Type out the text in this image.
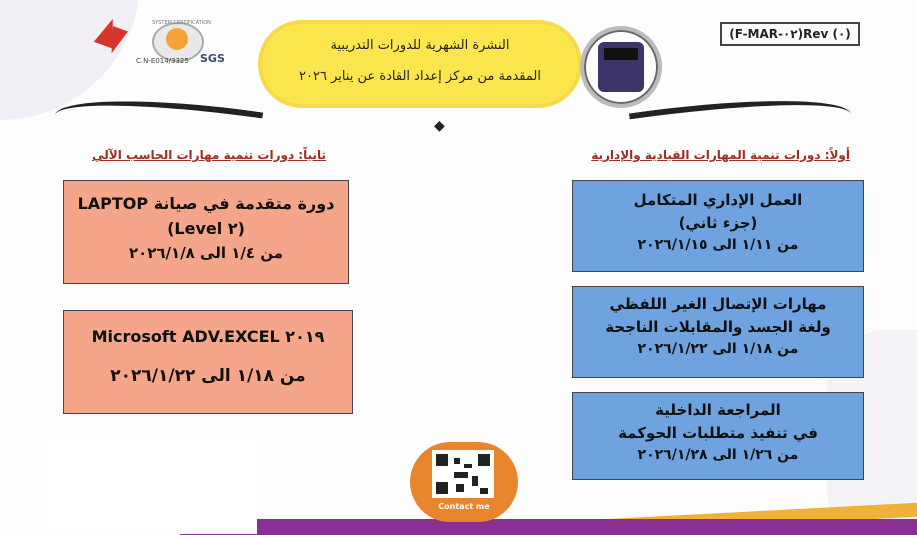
SYSTEM CERTIFICATION
SGS
C.N-E014/3325
النشرة الشهرية للدورات التدريبية
المقدمة من مركز إعداد القادة عن يناير ٢٠٢٦
(F-MAR-٠٢)Rev (٠)
◆
ثانياً: دورات تنمية مهارات الحاسب الآلي	أولاً: دورات تنمية المهارات القيادية والإدارية
دورة متقدمة في صيانة LAPTOP
(Level ٢)
من ١/٤ الى ٢٠٢٦/١/٨
Microsoft ADV.EXCEL ٢٠١٩
من ١/١٨ الى ٢٠٢٦/١/٢٢
العمل الإداري المتكامل
(جزء ثاني)
من ١/١١ الى ٢٠٢٦/١/١٥
مهارات الإتصال الغير اللفظي
ولغة الجسد والمقابلات الناجحة
من ١/١٨ الى ٢٠٢٦/١/٢٢
المراجعة الداخلية
في تنفيذ متطلبات الحوكمة
من ١/٢٦ الى ٢٠٢٦/١/٢٨
Contact me
